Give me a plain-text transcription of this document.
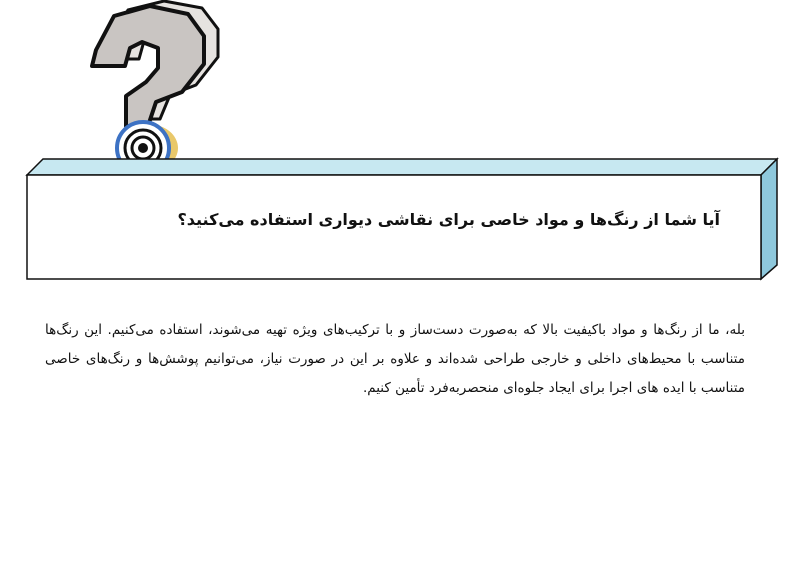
آیا شما از رنگ‌ها و مواد خاصی برای نقاشی دیواری استفاده می‌کنید؟
بله، ما از رنگ‌ها و مواد باکیفیت بالا که به‌صورت دست‌ساز و با ترکیب‌های ویژه تهیه می‌شوند، استفاده می‌کنیم. این رنگ‌ها متناسب با محیط‌های داخلی و خارجی طراحی شده‌اند و علاوه بر این در صورت نیاز، می‌توانیم پوشش‌ها و رنگ‌های خاصی متناسب با ایده های اجرا برای ایجاد جلوه‌ای منحصربه‌فرد تأمین کنیم.
